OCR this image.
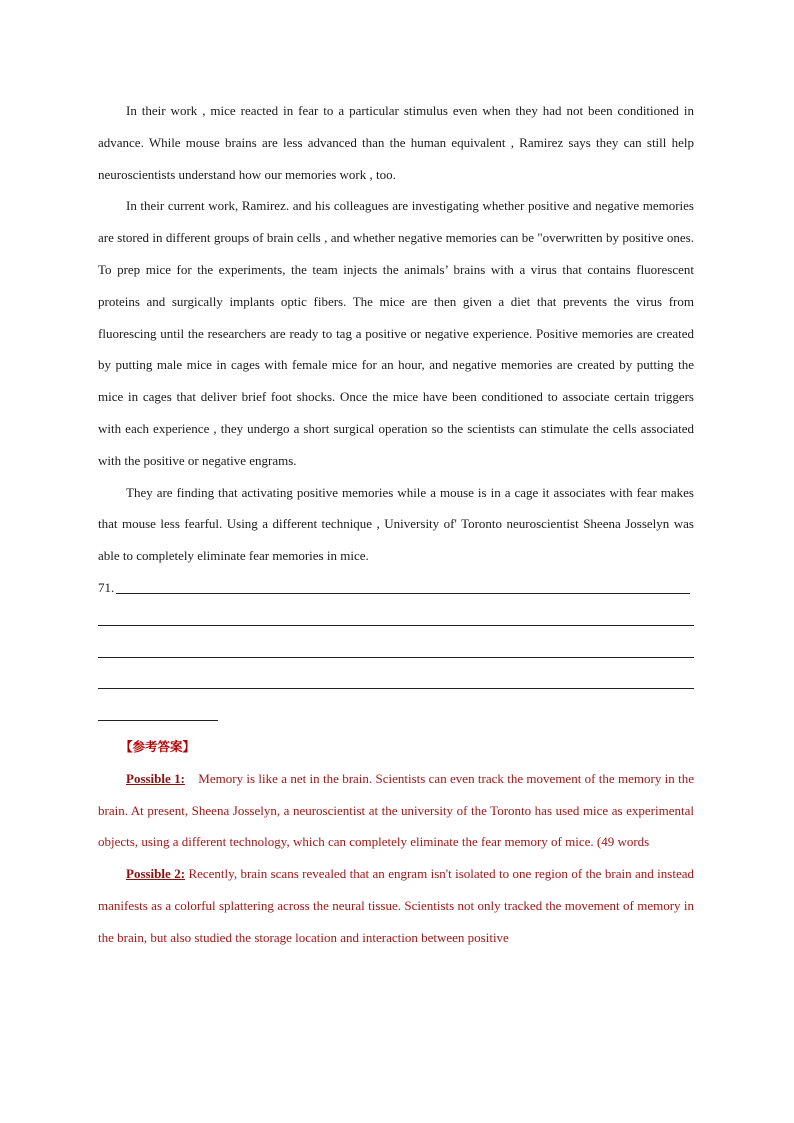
In their work , mice reacted in fear to a particular stimulus even when they had not been conditioned in advance. While mouse brains are less advanced than the human equivalent , Ramirez says they can still help neuroscientists understand how our memories work , too.

In their current work, Ramirez. and his colleagues are investigating whether positive and negative memories are stored in different groups of brain cells , and whether negative memories can be "overwritten by positive ones. To prep mice for the experiments, the team injects the animals’ brains with a virus that contains fluorescent proteins and surgically implants optic fibers. The mice are then given a diet that prevents the virus from fluorescing until the researchers are ready to tag a positive or negative experience. Positive memories are created by putting male mice in cages with female mice for an hour, and negative memories are created by putting the mice in cages that deliver brief foot shocks. Once the mice have been conditioned to associate certain triggers with each experience , they undergo a short surgical operation so the scientists can stimulate the cells associated with the positive or negative engrams.

They are finding that activating positive memories while a mouse is in a cage it associates with fear makes that mouse less fearful. Using a different technique , University of' Toronto neuroscientist Sheena Josselyn was able to completely eliminate fear memories in mice.

71.

【参考答案】

Possible 1: Memory is like a net in the brain. Scientists can even track the movement of the memory in the brain. At present, Sheena Josselyn, a neuroscientist at the university of the Toronto has used mice as experimental objects, using a different technology, which can completely eliminate the fear memory of mice. (49 words

Possible 2: Recently, brain scans revealed that an engram isn't isolated to one region of the brain and instead manifests as a colorful splattering across the neural tissue. Scientists not only tracked the movement of memory in the brain, but also studied the storage location and interaction between positive
